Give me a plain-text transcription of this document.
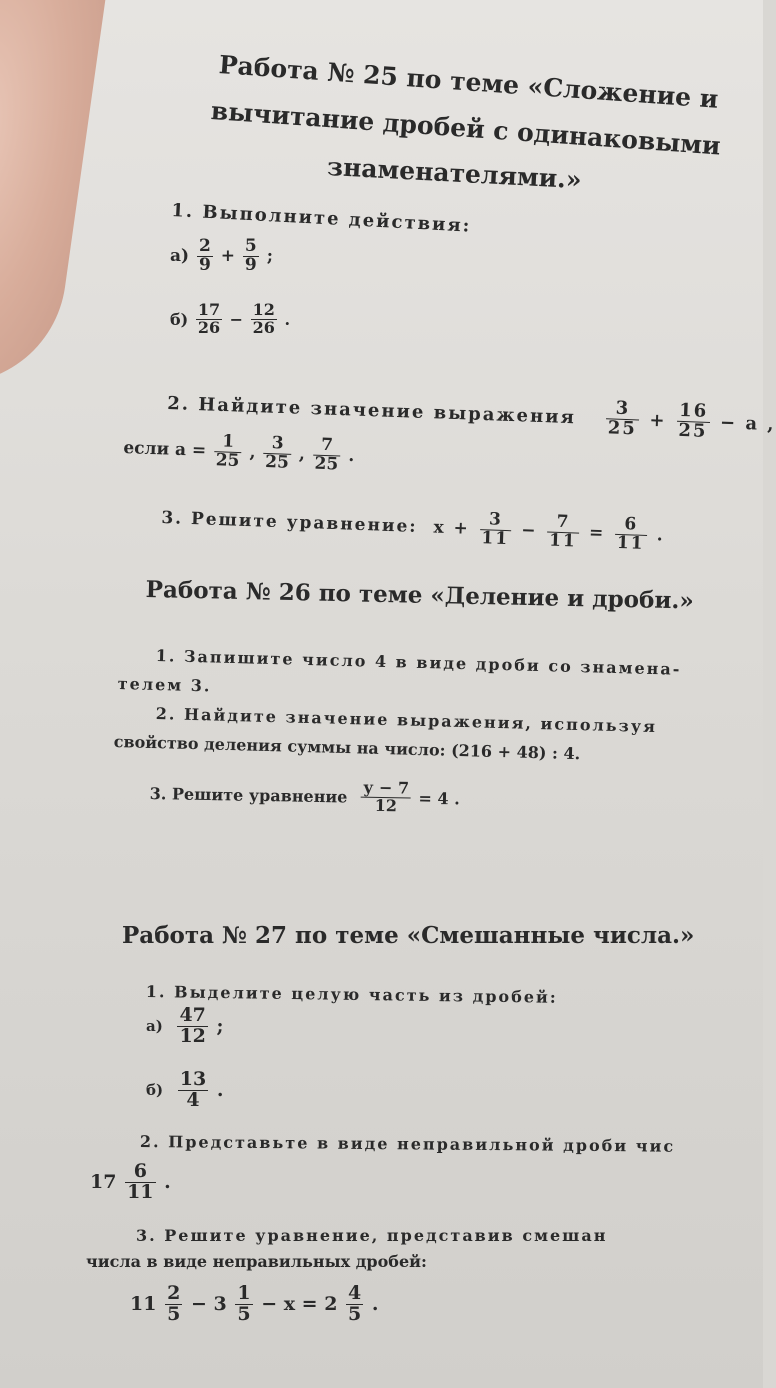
Работа № 25 по теме «Сложение и
вычитание дробей с одинаковыми
знаменателями.»
1. Выполните действия:
$а) \frac{2}{9} + \frac{5}{9}$ ;
$б) \frac{17}{26} - \frac{12}{26}$ .
2. Найдите значение выражения $\frac{3}{25} + \frac{16}{25} - а$ ,
если $а = \frac{1}{25}$ , $\frac{3}{25}$ , $\frac{7}{25}$ .
3. Решите уравнение: $х + \frac{3}{11} - \frac{7}{11} = \frac{6}{11}$ .
Работа № 26 по теме «Деление и дроби.»
1. Запишите число 4 в виде дроби со знамена-
телем 3.
2. Найдите значение выражения, используя
свойство деления суммы на число: (216 + 48) : 4.
3. Решите уравнение $\frac{у - 7}{12} = 4$ .
Работа № 27 по теме «Смешанные числа.»
1. Выделите целую часть из дробей:
$а) \frac{47}{12}$ ;
$б) \frac{13}{4}$ .
2. Представьте в виде неправильной дроби чис
$17 \frac{6}{11}$ .
3. Решите уравнение, представив смешан
числа в виде неправильных дробей:
$11 \frac{2}{5} - 3 \frac{1}{5} - х = 2 \frac{4}{5}$ .
